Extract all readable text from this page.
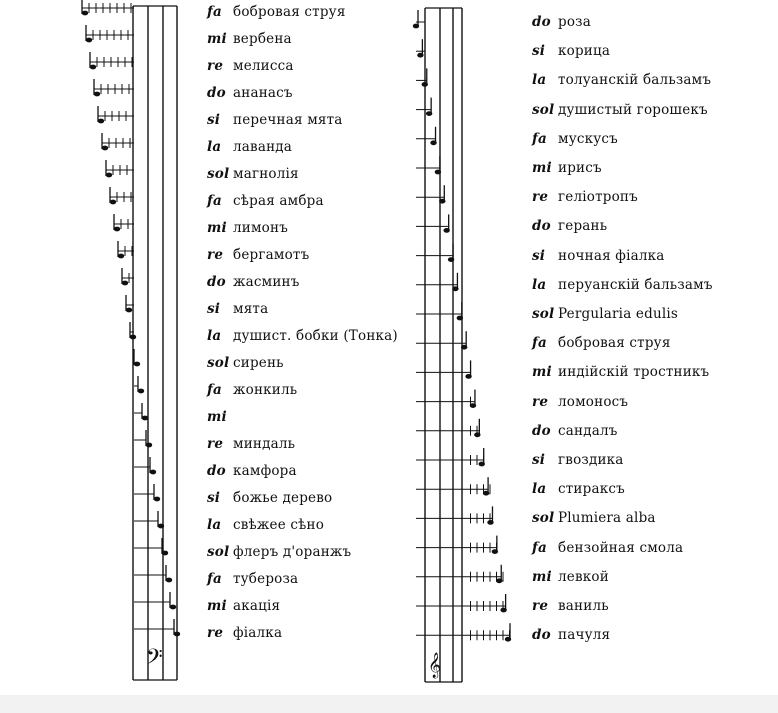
𝄢	𝄞
fa бобровая струя
mi вербена
re мелисса
do ананасъ
si перечная мята
la лаванда
sol магнолія
fa сѣрая амбра
mi лимонъ
re бергамотъ
do жасминъ
si мята
la душист. бобки (Тонка)
sol сирень
fa жонкиль
mi
re миндаль
do камфора
si божье дерево
la свѣжее сѣно
sol флеръ д'оранжъ
fa тубероза
mi акація
re фіалка
do роза
si корица
la толуанскій бальзамъ
sol душистый горошекъ
fa мускусъ
mi ирисъ
re геліотропъ
do герань
si ночная фіалка
la перуанскій бальзамъ
sol Pergularia edulis
fa бобровая струя
mi индійскій тростникъ
re ломоносъ
do сандалъ
si гвоздика
la стираксъ
sol Plumiera alba
fa бензойная смола
mi левкой
re ваниль
do пачуля
